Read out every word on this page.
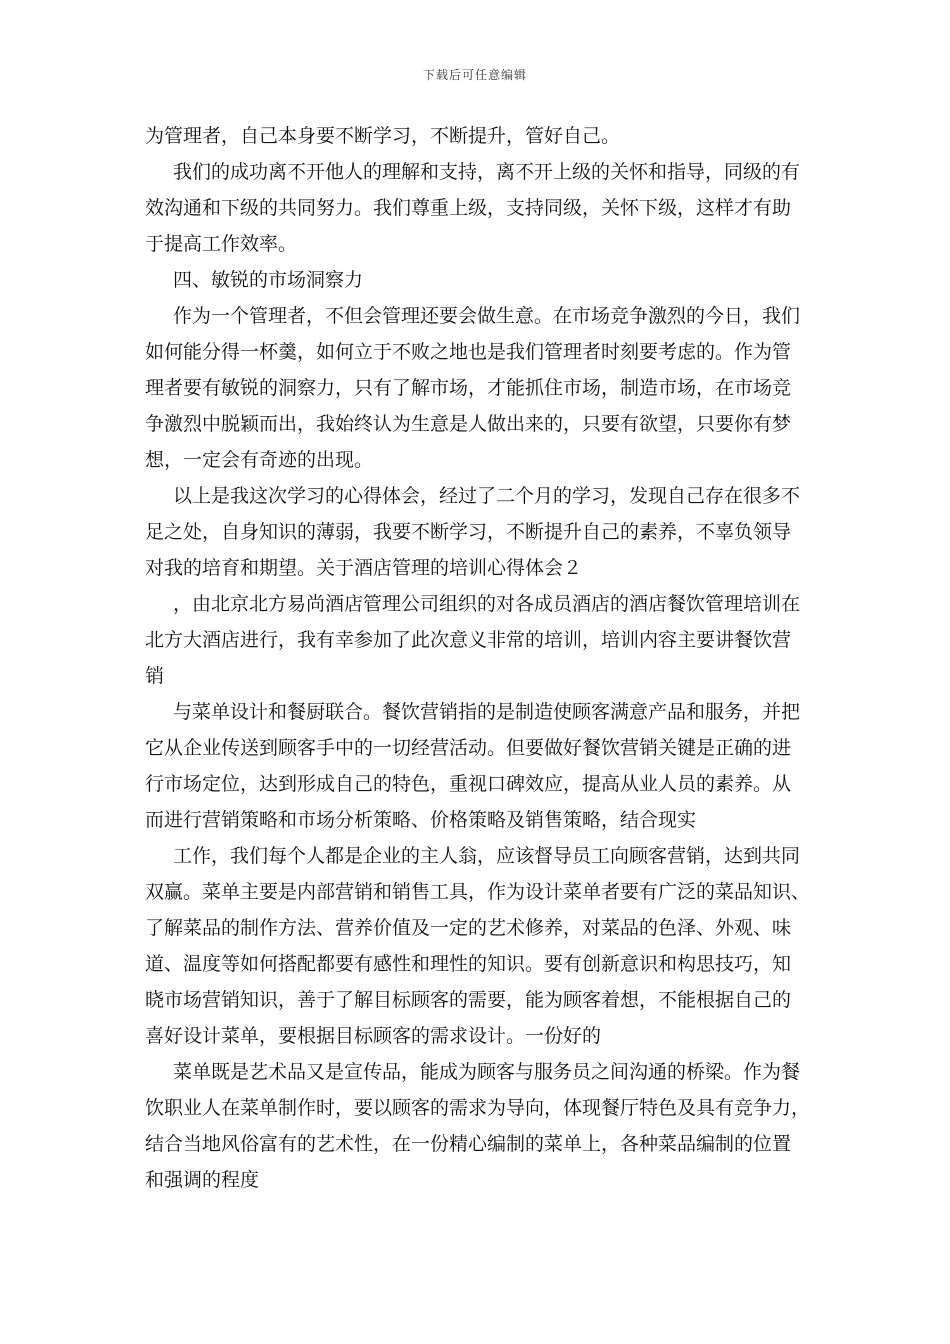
下载后可任意编辑
为管理者，自己本身要不断学习，不断提升，管好自己。
我们的成功离不开他人的理解和支持，离不开上级的关怀和指导，同级的有
效沟通和下级的共同努力。我们尊重上级，支持同级，关怀下级，这样才有助
于提高工作效率。
四、敏锐的市场洞察力
作为一个管理者，不但会管理还要会做生意。在市场竞争激烈的今日，我们
如何能分得一杯羹，如何立于不败之地也是我们管理者时刻要考虑的。作为管
理者要有敏锐的洞察力，只有了解市场，才能抓住市场，制造市场，在市场竞
争激烈中脱颖而出，我始终认为生意是人做出来的，只要有欲望，只要你有梦
想，一定会有奇迹的出现。
以上是我这次学习的心得体会，经过了二个月的学习，发现自己存在很多不
足之处，自身知识的薄弱，我要不断学习，不断提升自己的素养，不辜负领导
对我的培育和期望。关于酒店管理的培训心得体会２
，由北京北方易尚酒店管理公司组织的对各成员酒店的酒店餐饮管理培训在
北方大酒店进行，我有幸参加了此次意义非常的培训，培训内容主要讲餐饮营
销
与菜单设计和餐厨联合。餐饮营销指的是制造使顾客满意产品和服务，并把
它从企业传送到顾客手中的一切经营活动。但要做好餐饮营销关键是正确的进
行市场定位，达到形成自己的特色，重视口碑效应，提高从业人员的素养。从
而进行营销策略和市场分析策略、价格策略及销售策略，结合现实
工作，我们每个人都是企业的主人翁，应该督导员工向顾客营销，达到共同
双赢。菜单主要是内部营销和销售工具，作为设计菜单者要有广泛的菜品知识、
了解菜品的制作方法、营养价值及一定的艺术修养，对菜品的色泽、外观、味
道、温度等如何搭配都要有感性和理性的知识。要有创新意识和构思技巧，知
晓市场营销知识，善于了解目标顾客的需要，能为顾客着想，不能根据自己的
喜好设计菜单，要根据目标顾客的需求设计。一份好的
菜单既是艺术品又是宣传品，能成为顾客与服务员之间沟通的桥梁。作为餐
饮职业人在菜单制作时，要以顾客的需求为导向，体现餐厅特色及具有竞争力，
结合当地风俗富有的艺术性，在一份精心编制的菜单上，各种菜品编制的位置
和强调的程度
